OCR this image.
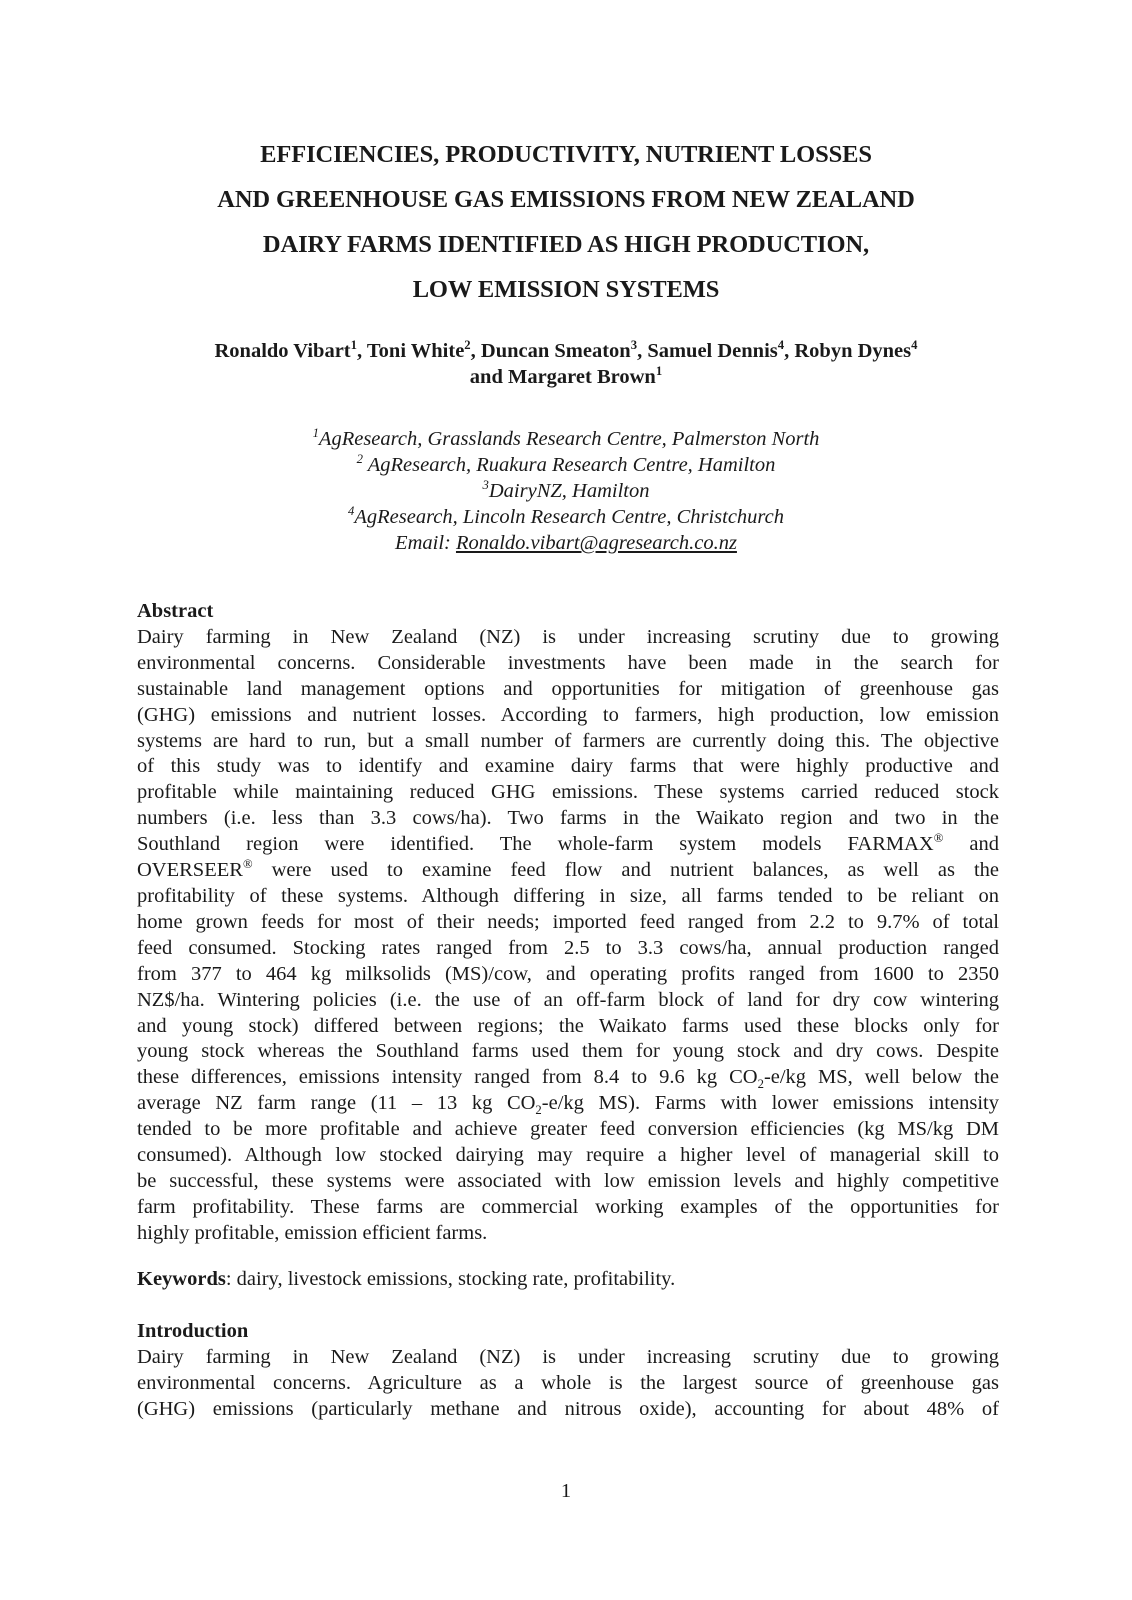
EFFICIENCIES, PRODUCTIVITY, NUTRIENT LOSSES
AND GREENHOUSE GAS EMISSIONS FROM NEW ZEALAND
DAIRY FARMS IDENTIFIED AS HIGH PRODUCTION,
LOW EMISSION SYSTEMS
Ronaldo Vibart$^1$, Toni White$^2$, Duncan Smeaton$^3$, Samuel Dennis$^4$, Robyn Dynes$^4$
and Margaret Brown$^1$
$^1$AgResearch, Grasslands Research Centre, Palmerston North
$^2$ AgResearch, Ruakura Research Centre, Hamilton
$^3$DairyNZ, Hamilton
$^4$AgResearch, Lincoln Research Centre, Christchurch
Email: Ronaldo.vibart@agresearch.co.nz
Abstract
Dairy farming in New Zealand (NZ) is under increasing scrutiny due to growing
environmental concerns. Considerable investments have been made in the search for
sustainable land management options and opportunities for mitigation of greenhouse gas
(GHG) emissions and nutrient losses. According to farmers, high production, low emission
systems are hard to run, but a small number of farmers are currently doing this. The objective
of this study was to identify and examine dairy farms that were highly productive and
profitable while maintaining reduced GHG emissions. These systems carried reduced stock
numbers (i.e. less than 3.3 cows/ha). Two farms in the Waikato region and two in the
Southland region were identified. The whole-farm system models FARMAX® and
OVERSEER® were used to examine feed flow and nutrient balances, as well as the
profitability of these systems. Although differing in size, all farms tended to be reliant on
home grown feeds for most of their needs; imported feed ranged from 2.2 to 9.7% of total
feed consumed. Stocking rates ranged from 2.5 to 3.3 cows/ha, annual production ranged
from 377 to 464 kg milksolids (MS)/cow, and operating profits ranged from 1600 to 2350
NZ$/ha. Wintering policies (i.e. the use of an off-farm block of land for dry cow wintering
and young stock) differed between regions; the Waikato farms used these blocks only for
young stock whereas the Southland farms used them for young stock and dry cows. Despite
these differences, emissions intensity ranged from 8.4 to 9.6 kg $CO_2-e/kg$ MS, well below the
average NZ farm range (11 – 13 kg $CO_2-e/kg$ MS). Farms with lower emissions intensity
tended to be more profitable and achieve greater feed conversion efficiencies (kg MS/kg DM
consumed). Although low stocked dairying may require a higher level of managerial skill to
be successful, these systems were associated with low emission levels and highly competitive
farm profitability. These farms are commercial working examples of the opportunities for
highly profitable, emission efficient farms.
Keywords: dairy, livestock emissions, stocking rate, profitability.
Introduction
Dairy farming in New Zealand (NZ) is under increasing scrutiny due to growing
environmental concerns. Agriculture as a whole is the largest source of greenhouse gas
(GHG) emissions (particularly methane and nitrous oxide), accounting for about 48% of
1
